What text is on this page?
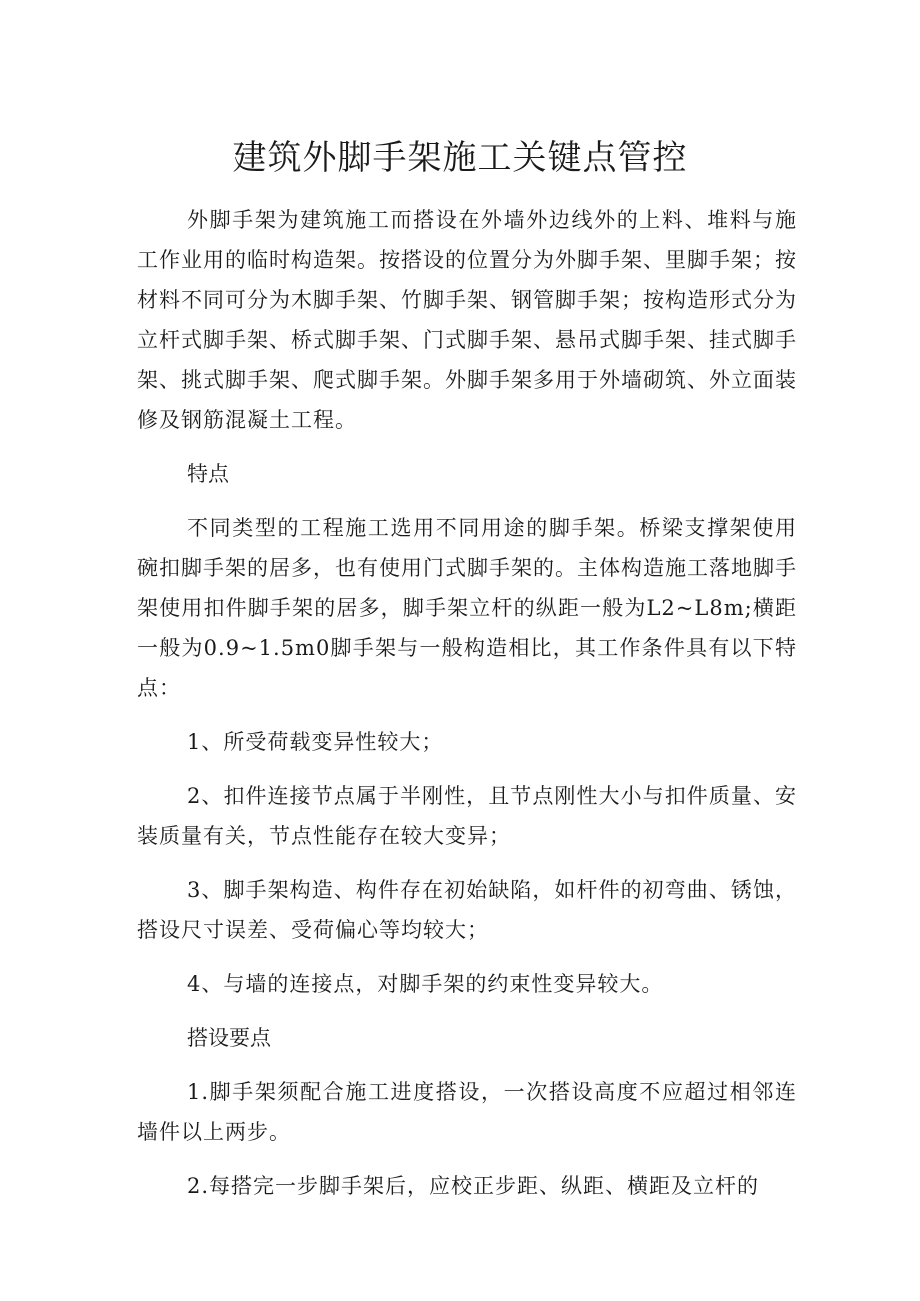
建筑外脚手架施工关键点管控

外脚手架为建筑施工而搭设在外墙外边线外的上料、堆料与施工作业用的临时构造架。按搭设的位置分为外脚手架、里脚手架；按材料不同可分为木脚手架、竹脚手架、钢管脚手架；按构造形式分为立杆式脚手架、桥式脚手架、门式脚手架、悬吊式脚手架、挂式脚手架、挑式脚手架、爬式脚手架。外脚手架多用于外墙砌筑、外立面装修及钢筋混凝土工程。

特点

不同类型的工程施工选用不同用途的脚手架。桥梁支撑架使用碗扣脚手架的居多，也有使用门式脚手架的。主体构造施工落地脚手架使用扣件脚手架的居多，脚手架立杆的纵距一般为L2~L8m;横距一般为0.9~1.5m0脚手架与一般构造相比，其工作条件具有以下特点：

1、所受荷载变异性较大；

2、扣件连接节点属于半刚性，且节点刚性大小与扣件质量、安装质量有关，节点性能存在较大变异；

3、脚手架构造、构件存在初始缺陷，如杆件的初弯曲、锈蚀，搭设尺寸误差、受荷偏心等均较大；

4、与墙的连接点，对脚手架的约束性变异较大。

搭设要点

1.脚手架须配合施工进度搭设，一次搭设高度不应超过相邻连墙件以上两步。

2.每搭完一步脚手架后，应校正步距、纵距、横距及立杆的
